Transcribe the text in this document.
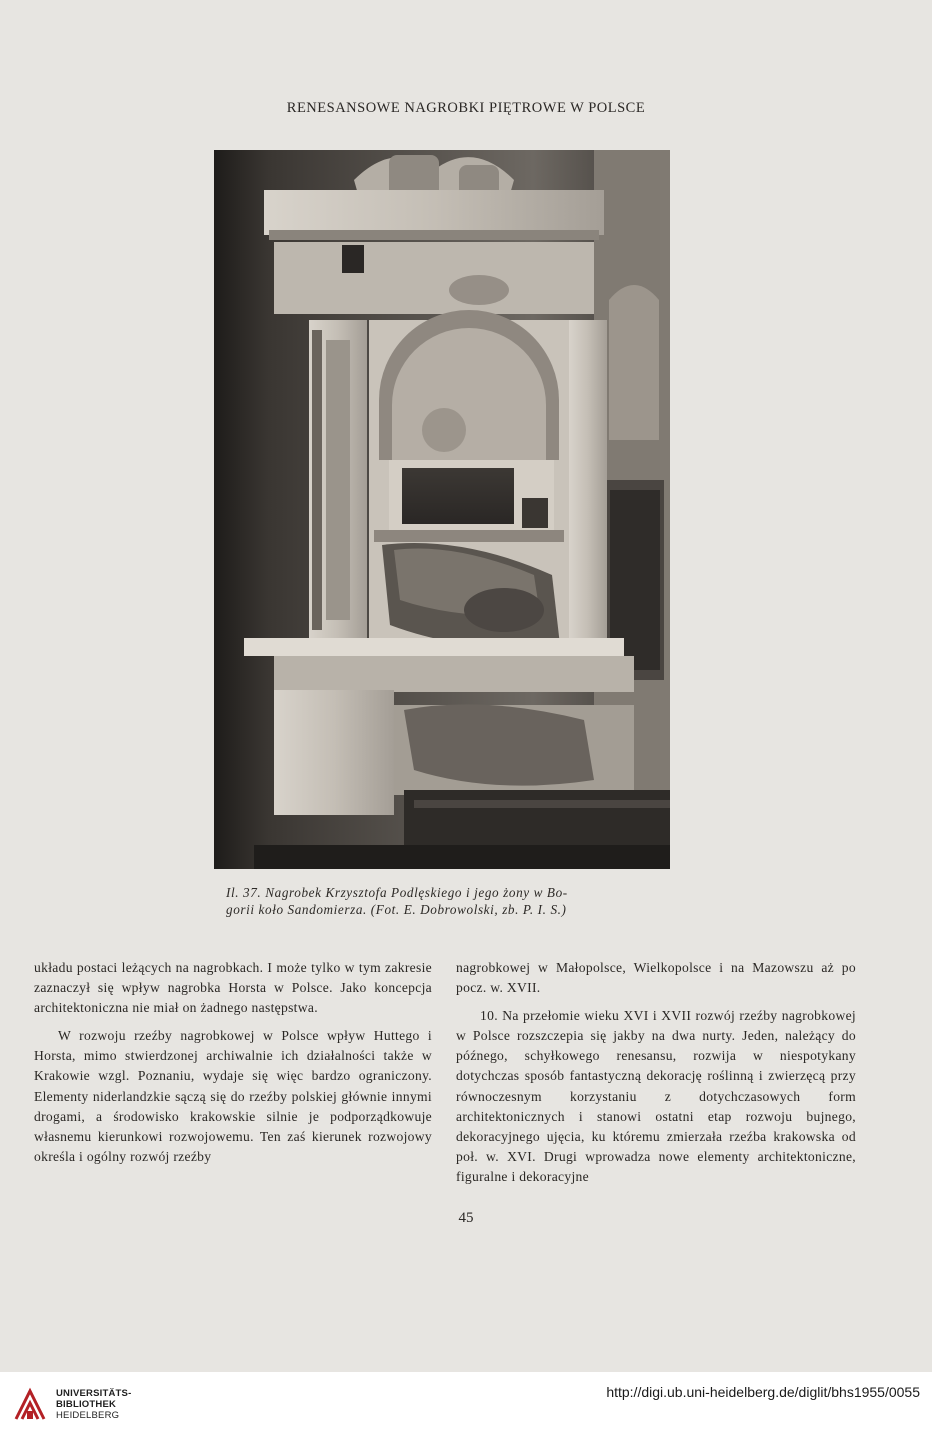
RENESANSOWE NAGROBKI PIĘTROWE W POLSCE
Il. 37. Nagrobek Krzysztofa Podlęskiego i jego żony w Bo-
gorii koło Sandomierza. (Fot. E. Dobrowolski, zb. P. I. S.)

układu postaci leżących na nagrobkach. I może tylko w tym zakresie zaznaczył się wpływ nagrobka Horsta w Polsce. Jako koncepcja architektoniczna nie miał on żadnego następstwa.

W rozwoju rzeźby nagrobkowej w Polsce wpływ Huttego i Horsta, mimo stwierdzonej archiwalnie ich działalności także w Krakowie wzgl. Poznaniu, wydaje się więc bardzo ograniczony. Elementy niderlandzkie sączą się do rzeźby polskiej głównie innymi drogami, a środowisko krakowskie silnie je podporządkowuje własnemu kierunkowi rozwojowemu. Ten zaś kierunek rozwojowy określa i ogólny rozwój rzeźby

nagrobkowej w Małopolsce, Wielkopolsce i na Mazowszu aż po pocz. w. XVII.

10. Na przełomie wieku XVI i XVII rozwój rzeźby nagrobkowej w Polsce rozszczepia się jakby na dwa nurty. Jeden, należący do późnego, schyłkowego renesansu, rozwija w niespotykany dotychczas sposób fantastyczną dekorację roślinną i zwierzęcą przy równoczesnym korzystaniu z dotychczasowych form architektonicznych i stanowi ostatni etap rozwoju bujnego, dekoracyjnego ujęcia, ku któremu zmierzała rzeźba krakowska od poł. w. XVI. Drugi wprowadza nowe elementy architektoniczne, figuralne i dekoracyjne

45
UNIVERSITÄTS-
BIBLIOTHEK
HEIDELBERG
http://digi.ub.uni-heidelberg.de/diglit/bhs1955/0055
